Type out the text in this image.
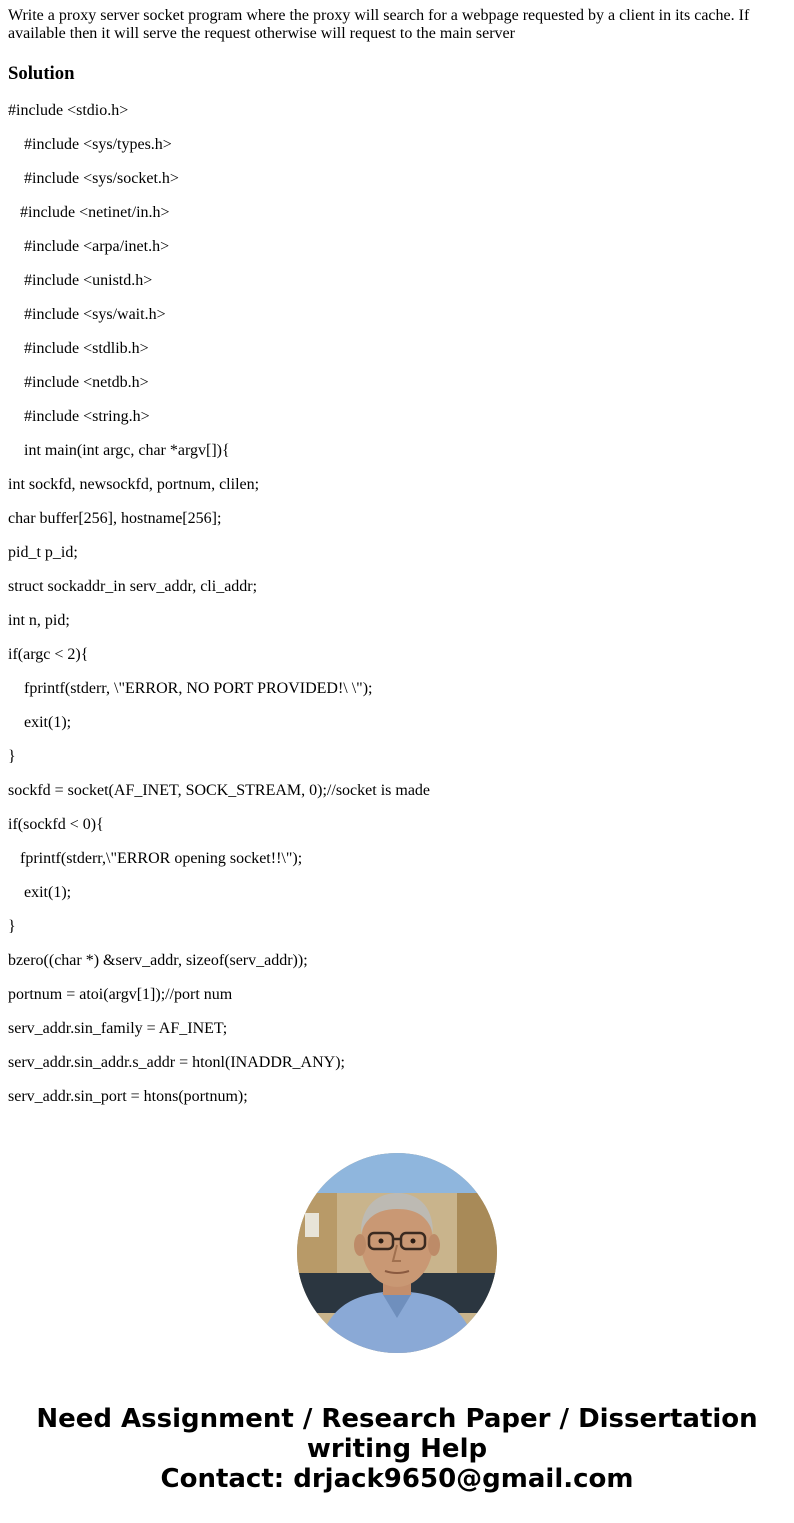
Write a proxy server socket program where the proxy will search for a webpage requested by a client in its cache. If available then it will serve the request otherwise will request to the main server

Solution
#include <stdio.h>
#include <sys/types.h>
#include <sys/socket.h>
#include <netinet/in.h>
#include <arpa/inet.h>
#include <unistd.h>
#include <sys/wait.h>
#include <stdlib.h>
#include <netdb.h>
#include <string.h>
int main(int argc, char *argv[]){
int sockfd, newsockfd, portnum, clilen;
char buffer[256], hostname[256];
pid_t p_id;
struct sockaddr_in serv_addr, cli_addr;
int n, pid;
if(argc < 2){
fprintf(stderr, \"ERROR, NO PORT PROVIDED!\ \");
exit(1);
}
sockfd = socket(AF_INET, SOCK_STREAM, 0);//socket is made
if(sockfd < 0){
fprintf(stderr,\"ERROR opening socket!!\");
exit(1);
}
bzero((char *) &serv_addr, sizeof(serv_addr));
portnum = atoi(argv[1]);//port num
serv_addr.sin_family = AF_INET;
serv_addr.sin_addr.s_addr = htonl(INADDR_ANY);
serv_addr.sin_port = htons(portnum);
Need Assignment / Research Paper / Dissertation
writing Help
Contact: drjack9650@gmail.com
